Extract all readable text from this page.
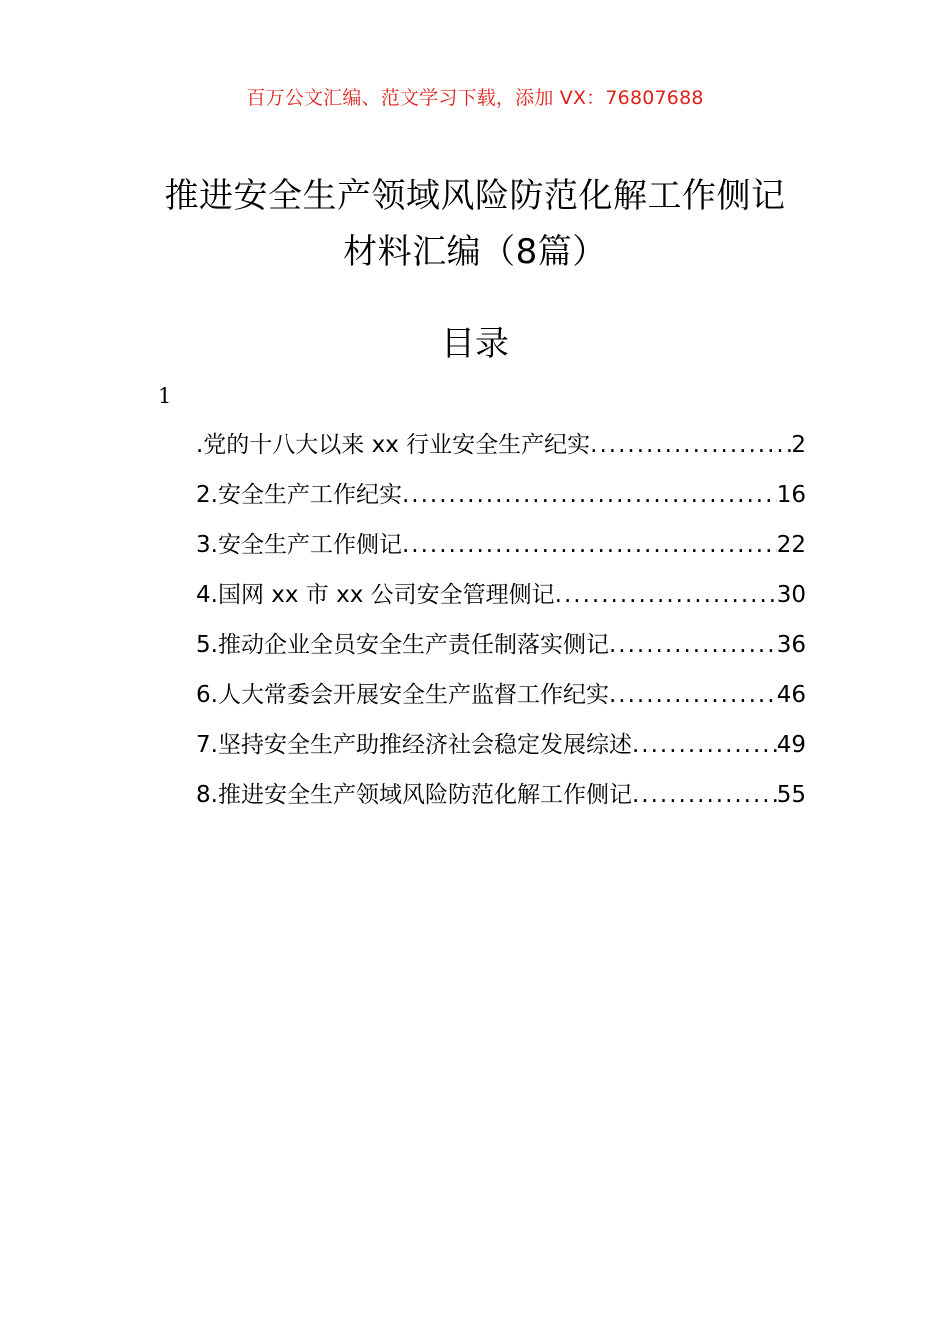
百万公文汇编、范文学习下载，添加 VX：76807688
推进安全生产领域风险防范化解工作侧记
材料汇编（8篇）
目录
1
.党的十八大以来 xx 行业安全生产纪实 .....	2
2.安全生产工作纪实 .....	16
3.安全生产工作侧记 .....	22
4.国网 xx 市 xx 公司安全管理侧记 .....	30
5.推动企业全员安全生产责任制落实侧记 .....	36
6.人大常委会开展安全生产监督工作纪实 .....	46
7.坚持安全生产助推经济社会稳定发展综述 .....	49
8.推进安全生产领域风险防范化解工作侧记 .....	55
